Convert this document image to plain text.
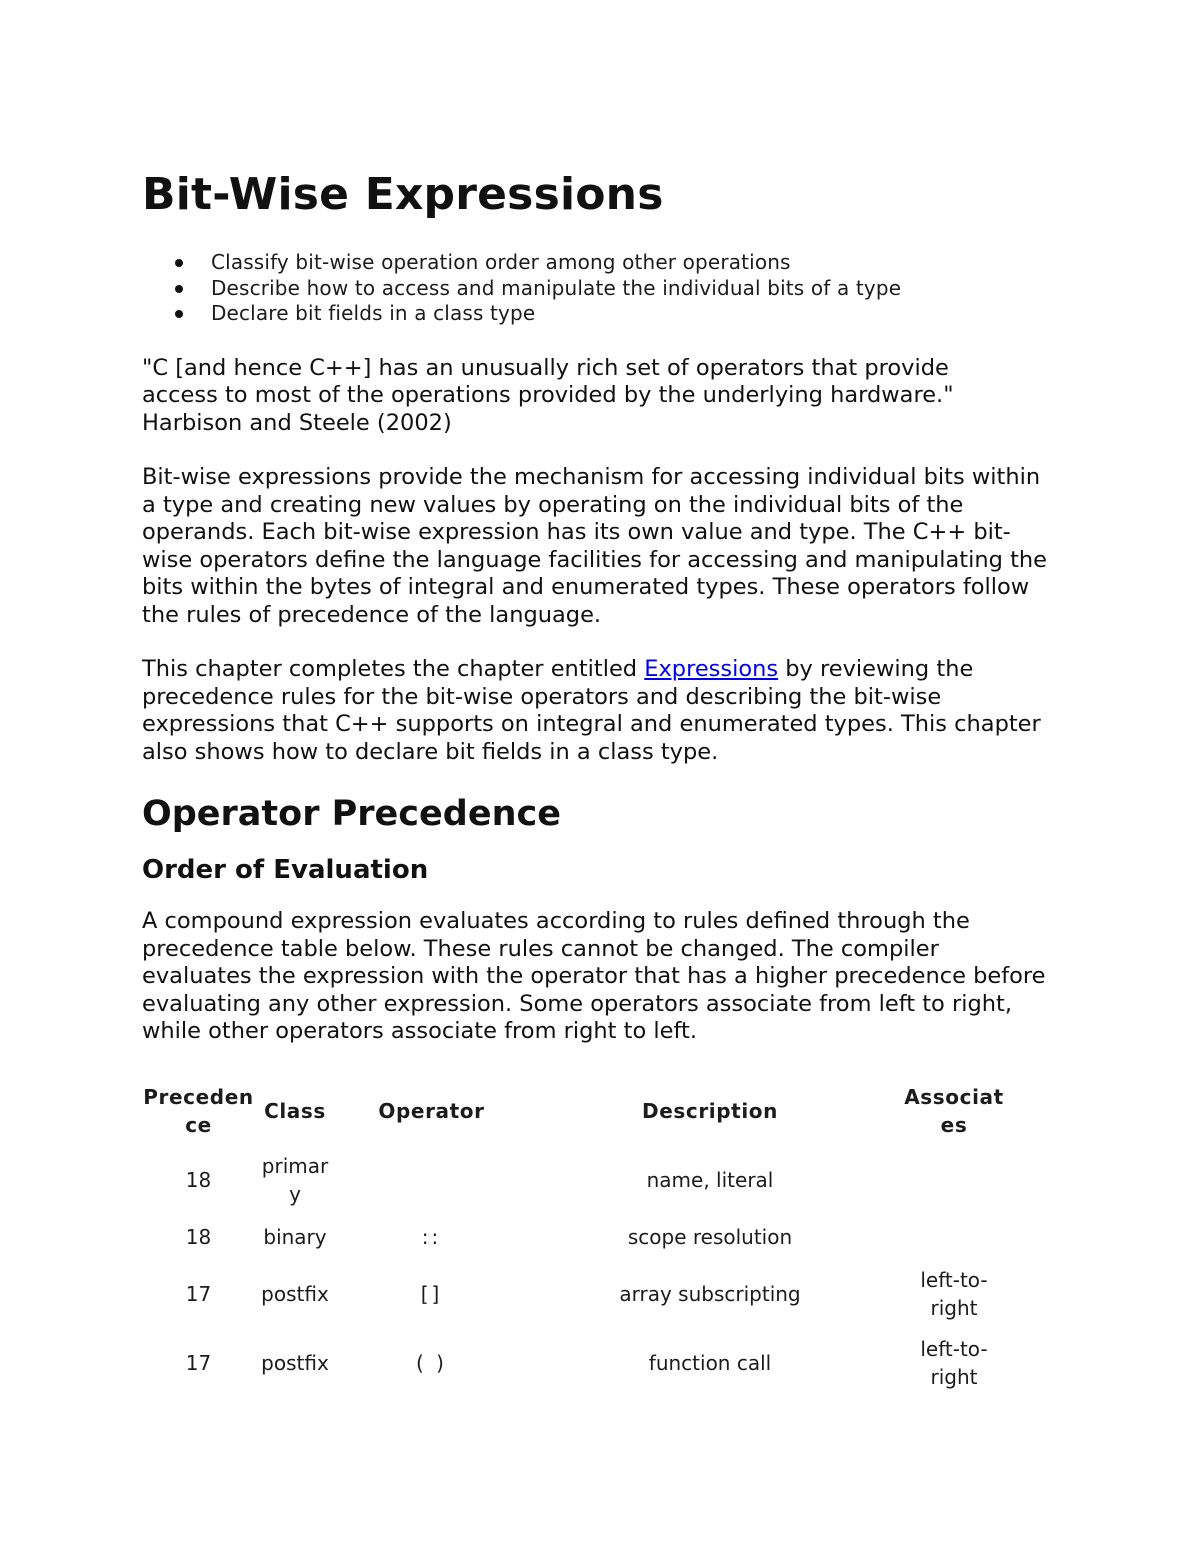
Bit-Wise Expressions
Classify bit-wise operation order among other operations
Describe how to access and manipulate the individual bits of a type
Declare bit fields in a class type

"C [and hence C++] has an unusually rich set of operators that provide
access to most of the operations provided by the underlying hardware."
Harbison and Steele (2002)

Bit-wise expressions provide the mechanism for accessing individual bits within a type and creating new values by operating on the individual bits of the operands. Each bit-wise expression has its own value and type. The C++ bit-wise operators define the language facilities for accessing and manipulating the bits within the bytes of integral and enumerated types. These operators follow the rules of precedence of the language.

This chapter completes the chapter entitled Expressions by reviewing the precedence rules for the bit-wise operators and describing the bit-wise expressions that C++ supports on integral and enumerated types. This chapter also shows how to declare bit fields in a class type.

Operator Precedence
Order of Evaluation

A compound expression evaluates according to rules defined through the precedence table below. These rules cannot be changed. The compiler evaluates the expression with the operator that has a higher precedence before evaluating any other expression. Some operators associate from left to right, while other operators associate from right to left.

Preceden
ce	Class	Operator	Description	Associat
es

18	primar
y		name, literal	
18	binary	::	scope resolution	
17	postfix	[]	array subscripting	left-to-
right

17	postfix	( )	function call	left-to-
right
